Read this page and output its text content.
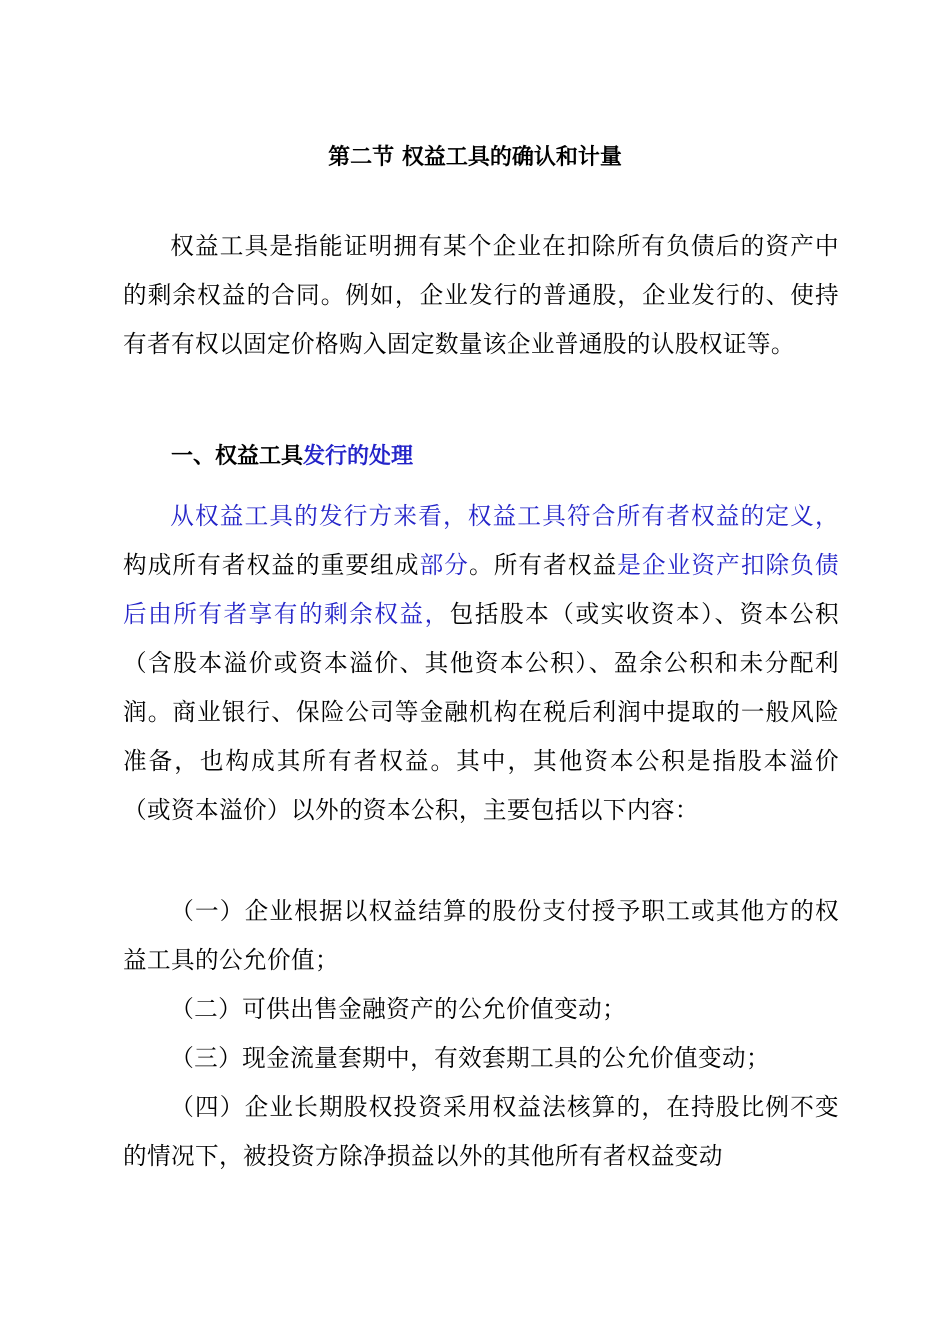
第二节 权益工具的确认和计量

权益工具是指能证明拥有某个企业在扣除所有负债后的资产中的剩余权益的合同。例如，企业发行的普通股，企业发行的、使持有者有权以固定价格购入固定数量该企业普通股的认股权证等。

一、权益工具发行的处理

从权益工具的发行方来看，权益工具符合所有者权益的定义，构成所有者权益的重要组成部分。所有者权益是企业资产扣除负债后由所有者享有的剩余权益，包括股本（或实收资本）、资本公积（含股本溢价或资本溢价、其他资本公积）、盈余公积和未分配利润。商业银行、保险公司等金融机构在税后利润中提取的一般风险准备，也构成其所有者权益。其中，其他资本公积是指股本溢价（或资本溢价）以外的资本公积，主要包括以下内容：

（一）企业根据以权益结算的股份支付授予职工或其他方的权益工具的公允价值；

（二）可供出售金融资产的公允价值变动；

（三）现金流量套期中，有效套期工具的公允价值变动；

（四）企业长期股权投资采用权益法核算的，在持股比例不变的情况下，被投资方除净损益以外的其他所有者权益变动
